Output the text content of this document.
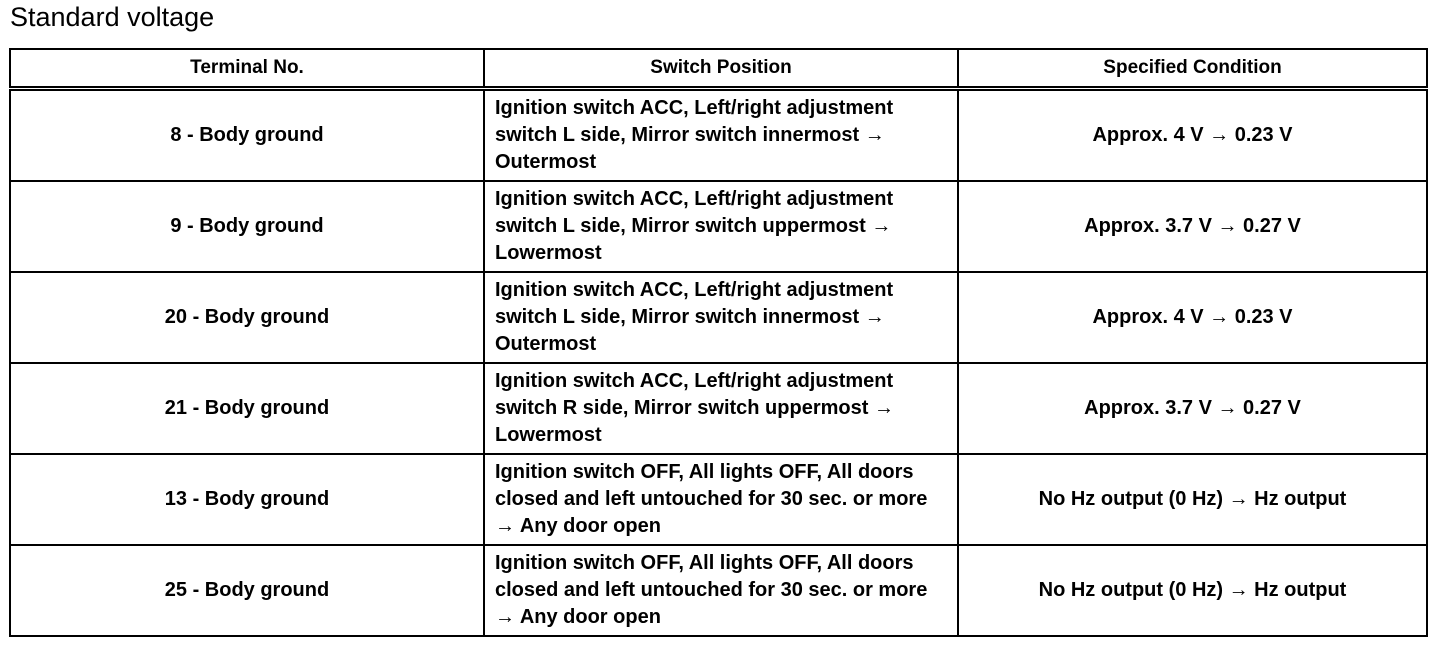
Standard voltage
Terminal No.	Switch Position	Specified Condition
8 - Body ground	Ignition switch ACC, Left/right adjustment switch L side, Mirror switch innermost → Outermost	Approx. 4 V → 0.23 V
9 - Body ground	Ignition switch ACC, Left/right adjustment switch L side, Mirror switch uppermost → Lowermost	Approx. 3.7 V → 0.27 V
20 - Body ground	Ignition switch ACC, Left/right adjustment switch L side, Mirror switch innermost → Outermost	Approx. 4 V → 0.23 V
21 - Body ground	Ignition switch ACC, Left/right adjustment switch R side, Mirror switch uppermost → Lowermost	Approx. 3.7 V → 0.27 V
13 - Body ground	Ignition switch OFF, All lights OFF, All doors closed and left untouched for 30 sec. or more → Any door open	No Hz output (0 Hz) → Hz output
25 - Body ground	Ignition switch OFF, All lights OFF, All doors closed and left untouched for 30 sec. or more → Any door open	No Hz output (0 Hz) → Hz output
